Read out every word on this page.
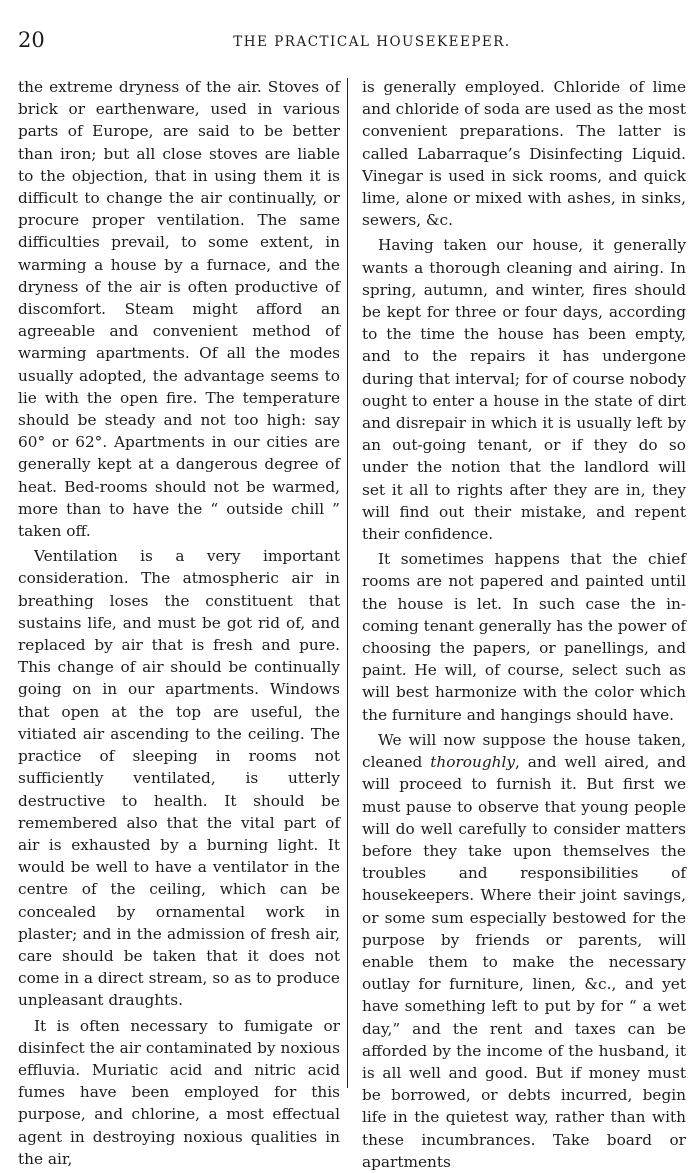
20	THE PRACTICAL HOUSEKEEPER.

the extreme dryness of the air. Stoves of brick or earthenware, used in various parts of Europe, are said to be better than iron; but all close stoves are liable to the objection, that in using them it is difficult to change the air continually, or procure proper ventilation. The same difficulties prevail, to some extent, in warming a house by a furnace, and the dryness of the air is often productive of discomfort. Steam might afford an agreeable and convenient method of warming apartments. Of all the modes usually adopted, the advantage seems to lie with the open fire. The temperature should be steady and not too high: say 60° or 62°. Apartments in our cities are generally kept at a dangerous degree of heat. Bed-rooms should not be warmed, more than to have the “ outside chill ” taken off.

Ventilation is a very important consideration. The atmospheric air in breathing loses the constituent that sustains life, and must be got rid of, and replaced by air that is fresh and pure. This change of air should be continually going on in our apartments. Windows that open at the top are useful, the vitiated air ascending to the ceiling. The practice of sleeping in rooms not sufficiently ventilated, is utterly destructive to health. It should be remembered also that the vital part of air is exhausted by a burning light. It would be well to have a ventilator in the centre of the ceiling, which can be concealed by ornamental work in plaster; and in the admission of fresh air, care should be taken that it does not come in a direct stream, so as to produce unpleasant draughts.

It is often necessary to fumigate or disinfect the air contaminated by noxious effluvia. Muriatic acid and nitric acid fumes have been employed for this purpose, and chlorine, a most effectual agent in destroying noxious qualities in the air,

is generally employed. Chloride of lime and chloride of soda are used as the most convenient preparations. The latter is called Labarraque’s Disinfecting Liquid. Vinegar is used in sick rooms, and quick lime, alone or mixed with ashes, in sinks, sewers, &c.

Having taken our house, it generally wants a thorough cleaning and airing. In spring, autumn, and winter, fires should be kept for three or four days, according to the time the house has been empty, and to the repairs it has undergone during that interval; for of course nobody ought to enter a house in the state of dirt and disrepair in which it is usually left by an out-going tenant, or if they do so under the notion that the landlord will set it all to rights after they are in, they will find out their mistake, and repent their confidence.

It sometimes happens that the chief rooms are not papered and painted until the house is let. In such case the in-coming tenant generally has the power of choosing the papers, or panellings, and paint. He will, of course, select such as will best harmonize with the color which the furniture and hangings should have.

We will now suppose the house taken, cleaned thoroughly, and well aired, and will proceed to furnish it. But first we must pause to observe that young people will do well carefully to consider matters before they take upon themselves the troubles and responsibilities of housekeepers. Where their joint savings, or some sum especially bestowed for the purpose by friends or parents, will enable them to make the necessary outlay for furniture, linen, &c., and yet have something left to put by for “ a wet day,” and the rent and taxes can be afforded by the income of the husband, it is all well and good. But if money must be borrowed, or debts incurred, begin life in the quietest way, rather than with these incumbrances. Take board or apartments
